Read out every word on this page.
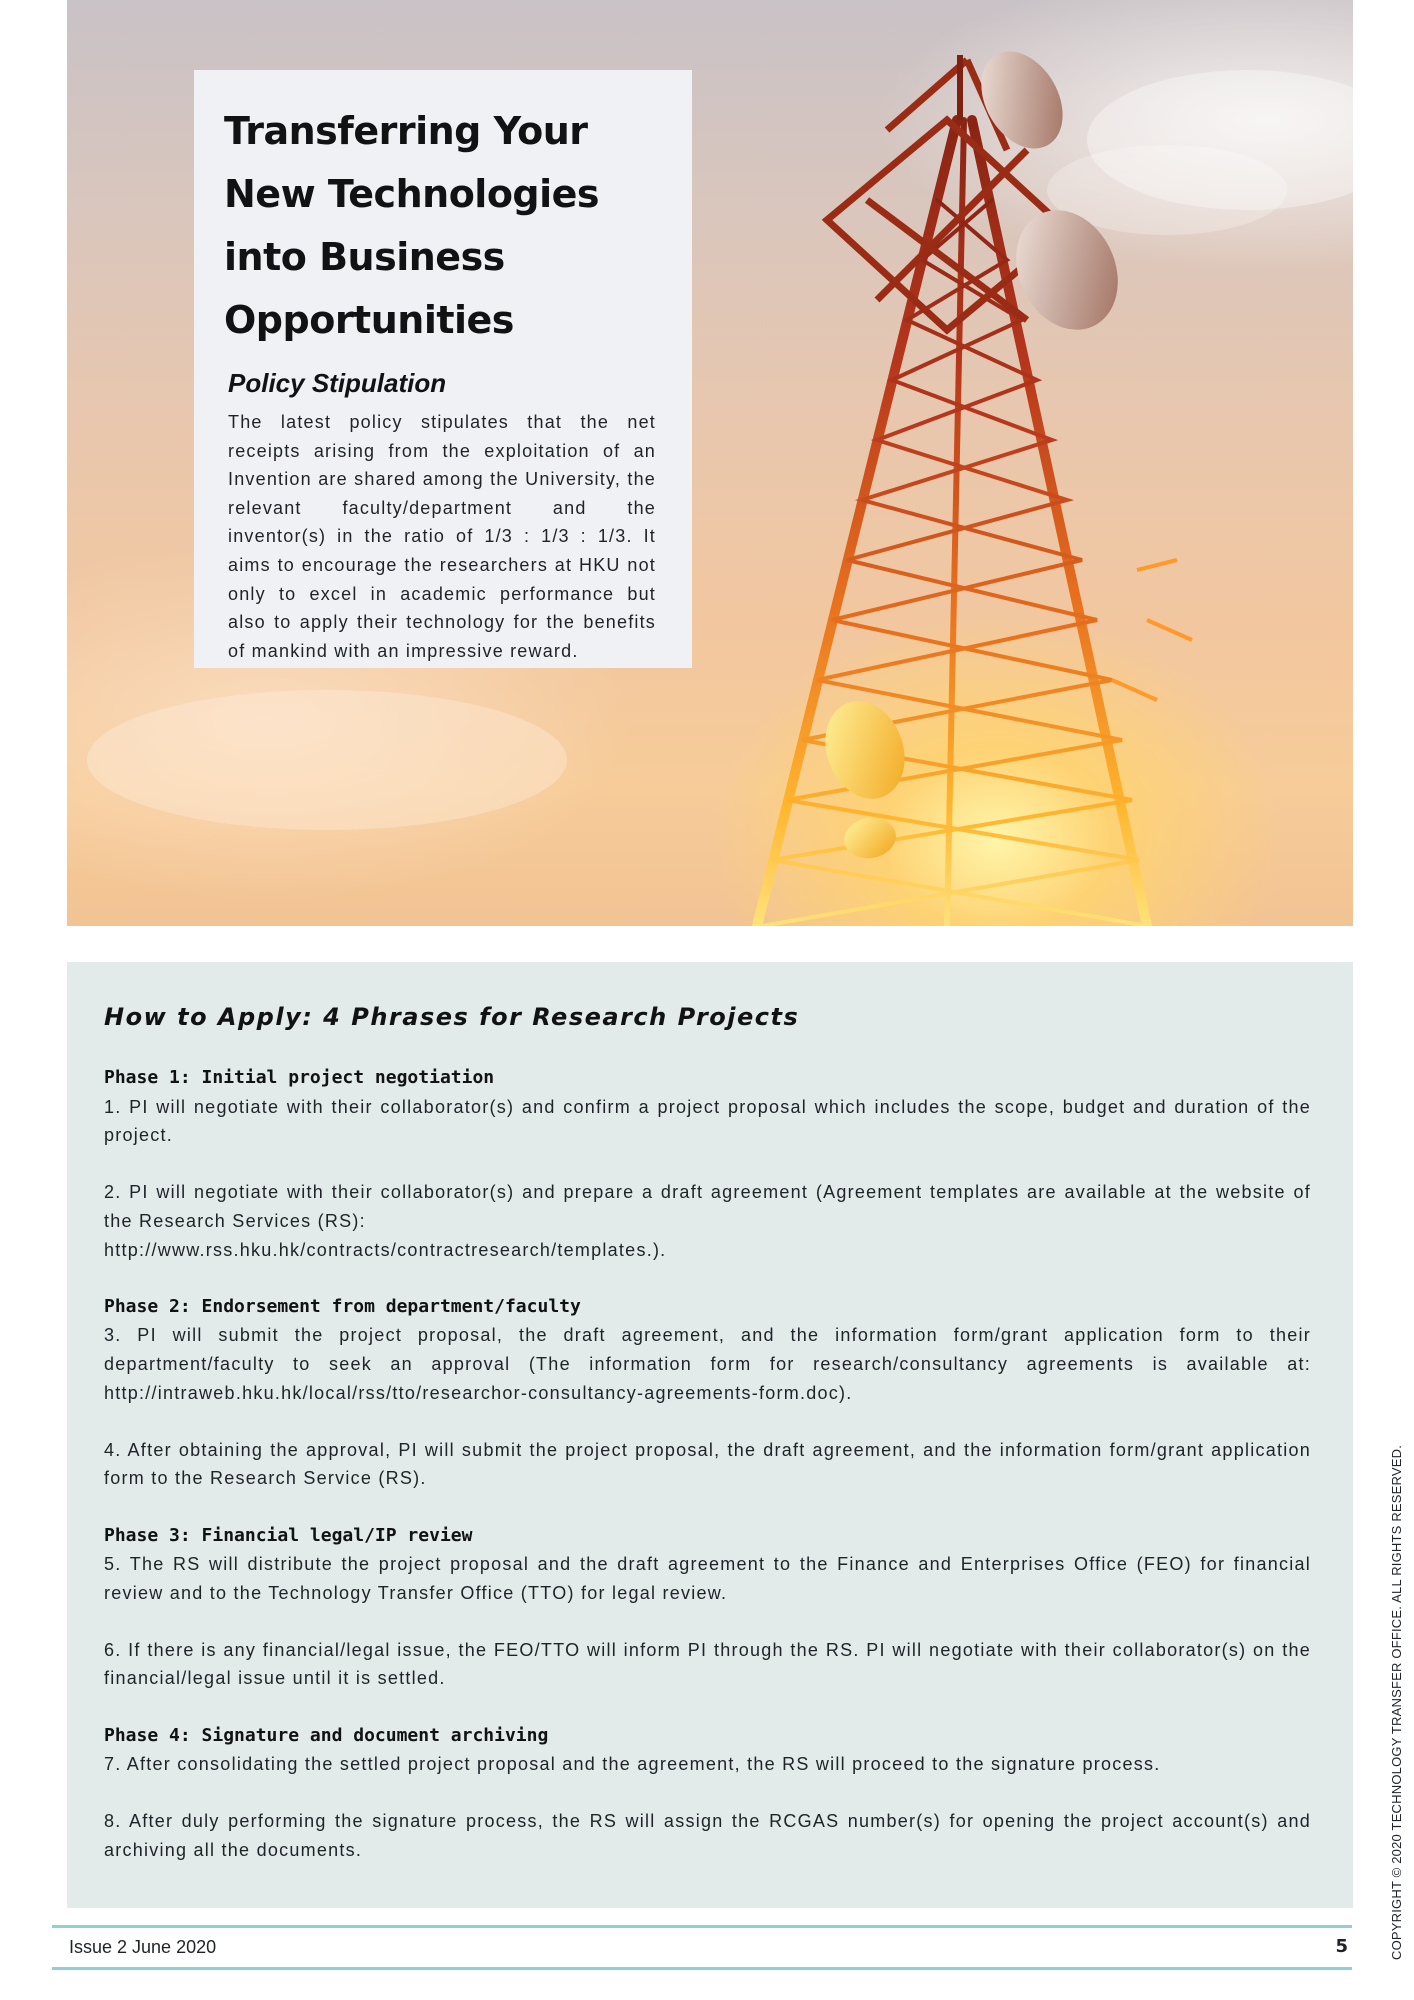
Transferring Your New Technologies into Business Opportunities
Policy Stipulation

The latest policy stipulates that the net receipts arising from the exploitation of an Invention are shared among the University, the relevant faculty/department and the inventor(s) in the ratio of 1/3 : 1/3 : 1/3. It aims to encourage the researchers at HKU not only to excel in academic performance but also to apply their technology for the benefits of mankind with an impressive reward.

How to Apply: 4 Phrases for Research Projects

Phase 1: Initial project negotiation

1. PI will negotiate with their collaborator(s) and confirm a project proposal which includes the scope, budget and duration of the project.

2. PI will negotiate with their collaborator(s) and prepare a draft agreement (Agreement templates are available at the website of the Research Services (RS):

http://www.rss.hku.hk/contracts/contractresearch/templates.).

Phase 2: Endorsement from department/faculty

3. PI will submit the project proposal, the draft agreement, and the information form/grant application form to their department/faculty to seek an approval (The information form for research/consultancy agreements is available at: http://intraweb.hku.hk/local/rss/tto/researchor-consultancy-agreements-form.doc).

4. After obtaining the approval, PI will submit the project proposal, the draft agreement, and the information form/grant application form to the Research Service (RS).

Phase 3: Financial legal/IP review

5. The RS will distribute the project proposal and the draft agreement to the Finance and Enterprises Office (FEO) for financial review and to the Technology Transfer Office (TTO) for legal review.

6. If there is any financial/legal issue, the FEO/TTO will inform PI through the RS. PI will negotiate with their collaborator(s) on the financial/legal issue until it is settled.

Phase 4: Signature and document archiving

7. After consolidating the settled project proposal and the agreement, the RS will proceed to the signature process.

8. After duly performing the signature process, the RS will assign the RCGAS number(s) for opening the project account(s) and archiving all the documents.

Issue 2 June 2020	5	COPYRIGHT © 2020 TECHNOLOGY TRANSFER OFFICE. ALL RIGHTS RESERVED.
